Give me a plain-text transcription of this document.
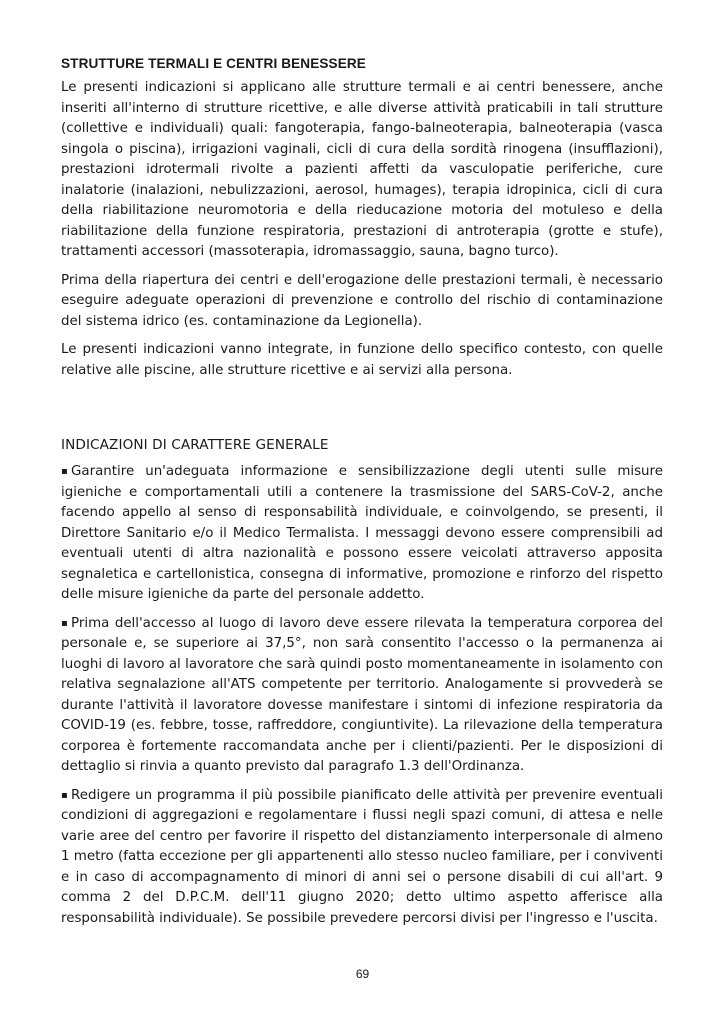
STRUTTURE TERMALI E CENTRI BENESSERE

Le presenti indicazioni si applicano alle strutture termali e ai centri benessere, anche inseriti all'interno di strutture ricettive, e alle diverse attività praticabili in tali strutture (collettive e individuali) quali: fangoterapia, fango-balneoterapia, balneoterapia (vasca singola o piscina), irrigazioni vaginali, cicli di cura della sordità rinogena (insufflazioni), prestazioni idrotermali rivolte a pazienti affetti da vasculopatie periferiche, cure inalatorie (inalazioni, nebulizzazioni, aerosol, humages), terapia idropinica, cicli di cura della riabilitazione neuromotoria e della rieducazione motoria del motuleso e della riabilitazione della funzione respiratoria, prestazioni di antroterapia (grotte e stufe), trattamenti accessori (massoterapia, idromassaggio, sauna, bagno turco).

Prima della riapertura dei centri e dell'erogazione delle prestazioni termali, è necessario eseguire adeguate operazioni di prevenzione e controllo del rischio di contaminazione del sistema idrico (es. contaminazione da Legionella).

Le presenti indicazioni vanno integrate, in funzione dello specifico contesto, con quelle relative alle piscine, alle strutture ricettive e ai servizi alla persona.

INDICAZIONI DI CARATTERE GENERALE

▪ Garantire un'adeguata informazione e sensibilizzazione degli utenti sulle misure igieniche e comportamentali utili a contenere la trasmissione del SARS-CoV-2, anche facendo appello al senso di responsabilità individuale, e coinvolgendo, se presenti, il Direttore Sanitario e/o il Medico Termalista. I messaggi devono essere comprensibili ad eventuali utenti di altra nazionalità e possono essere veicolati attraverso apposita segnaletica e cartellonistica, consegna di informative, promozione e rinforzo del rispetto delle misure igieniche da parte del personale addetto.

▪ Prima dell'accesso al luogo di lavoro deve essere rilevata la temperatura corporea del personale e, se superiore ai 37,5°, non sarà consentito l'accesso o la permanenza ai luoghi di lavoro al lavoratore che sarà quindi posto momentaneamente in isolamento con relativa segnalazione all'ATS competente per territorio. Analogamente si provvederà se durante l'attività il lavoratore dovesse manifestare i sintomi di infezione respiratoria da COVID-19 (es. febbre, tosse, raffreddore, congiuntivite). La rilevazione della temperatura corporea è fortemente raccomandata anche per i clienti/pazienti. Per le disposizioni di dettaglio si rinvia a quanto previsto dal paragrafo 1.3 dell'Ordinanza.

▪ Redigere un programma il più possibile pianificato delle attività per prevenire eventuali condizioni di aggregazioni e regolamentare i flussi negli spazi comuni, di attesa e nelle varie aree del centro per favorire il rispetto del distanziamento interpersonale di almeno 1 metro (fatta eccezione per gli appartenenti allo stesso nucleo familiare, per i conviventi e in caso di accompagnamento di minori di anni sei o persone disabili di cui all'art. 9 comma 2 del D.P.C.M. dell'11 giugno 2020; detto ultimo aspetto afferisce alla responsabilità individuale). Se possibile prevedere percorsi divisi per l'ingresso e l'uscita.

69
